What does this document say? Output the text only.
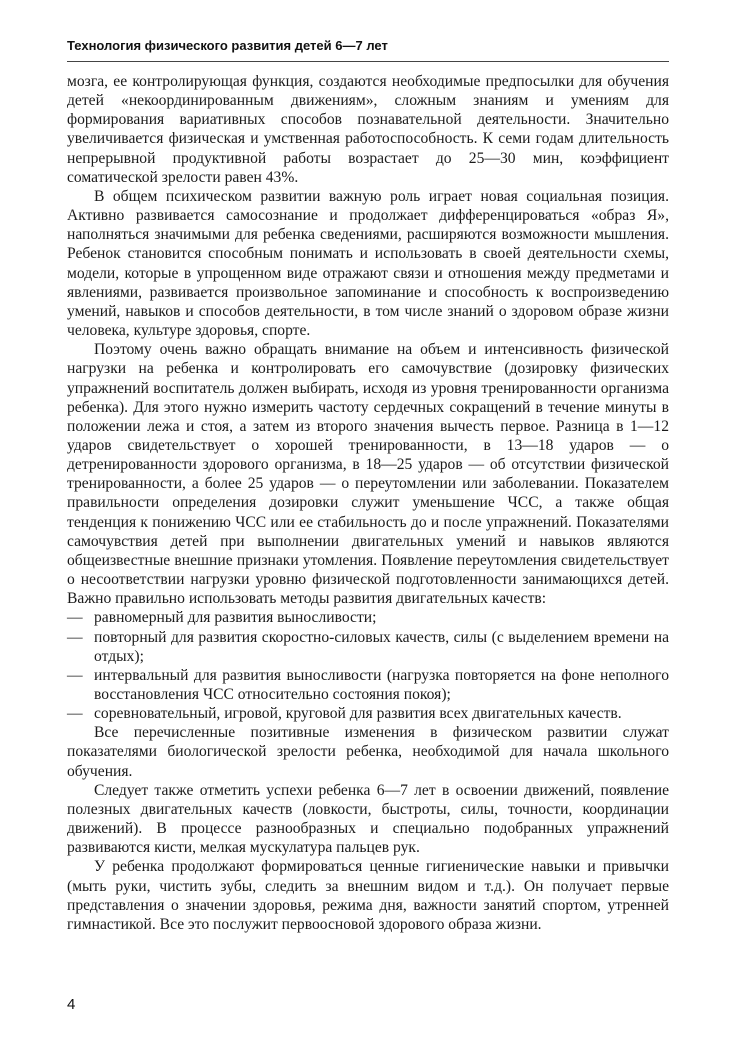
Технология физического развития детей 6—7 лет

мозга, ее контролирующая функция, создаются необходимые предпосылки для обучения детей «некоординированным движениям», сложным знаниям и умениям для формирования вариативных способов познавательной деятельности. Значительно увеличивается физическая и умственная работоспособность. К семи годам длительность непрерывной продуктивной работы возрастает до 25—30 мин, коэффициент соматической зрелости равен 43%.

В общем психическом развитии важную роль играет новая социальная позиция. Активно развивается самосознание и продолжает дифференцироваться «образ Я», наполняться значимыми для ребенка сведениями, расширяются возможности мышления. Ребенок становится способным понимать и использовать в своей деятельности схемы, модели, которые в упрощенном виде отражают связи и отношения между предметами и явлениями, развивается произвольное запоминание и способность к воспроизведению умений, навыков и способов деятельности, в том числе знаний о здоровом образе жизни человека, культуре здоровья, спорте.

Поэтому очень важно обращать внимание на объем и интенсивность физической нагрузки на ребенка и контролировать его самочувствие (дозировку физических упражнений воспитатель должен выбирать, исходя из уровня тренированности организма ребенка). Для этого нужно измерить частоту сердечных сокращений в течение минуты в положении лежа и стоя, а затем из второго значения вычесть первое. Разница в 1—12 ударов свидетельствует о хорошей тренированности, в 13—18 ударов — о детренированности здорового организма, в 18—25 ударов — об отсутствии физической тренированности, а более 25 ударов — о переутомлении или заболевании. Показателем правильности определения дозировки служит уменьшение ЧСС, а также общая тенденция к понижению ЧСС или ее стабильность до и после упражнений. Показателями самочувствия детей при выполнении двигательных умений и навыков являются общеизвестные внешние признаки утомления. Появление переутомления свидетельствует о несоответствии нагрузки уровню физической подготовленности занимающихся детей. Важно правильно использовать методы развития двигательных качеств:

— равномерный для развития выносливости;
— повторный для развития скоростно-силовых качеств, силы (с выделением времени на отдых);
— интервальный для развития выносливости (нагрузка повторяется на фоне неполного восстановления ЧСС относительно состояния покоя);
— соревновательный, игровой, круговой для развития всех двигательных качеств.

Все перечисленные позитивные изменения в физическом развитии служат показателями биологической зрелости ребенка, необходимой для начала школьного обучения.

Следует также отметить успехи ребенка 6—7 лет в освоении движений, появление полезных двигательных качеств (ловкости, быстроты, силы, точности, координации движений). В процессе разнообразных и специально подобранных упражнений развиваются кисти, мелкая мускулатура пальцев рук.

У ребенка продолжают формироваться ценные гигиенические навыки и привычки (мыть руки, чистить зубы, следить за внешним видом и т.д.). Он получает первые представления о значении здоровья, режима дня, важности занятий спортом, утренней гимнастикой. Все это послужит первоосновой здорового образа жизни.

4
